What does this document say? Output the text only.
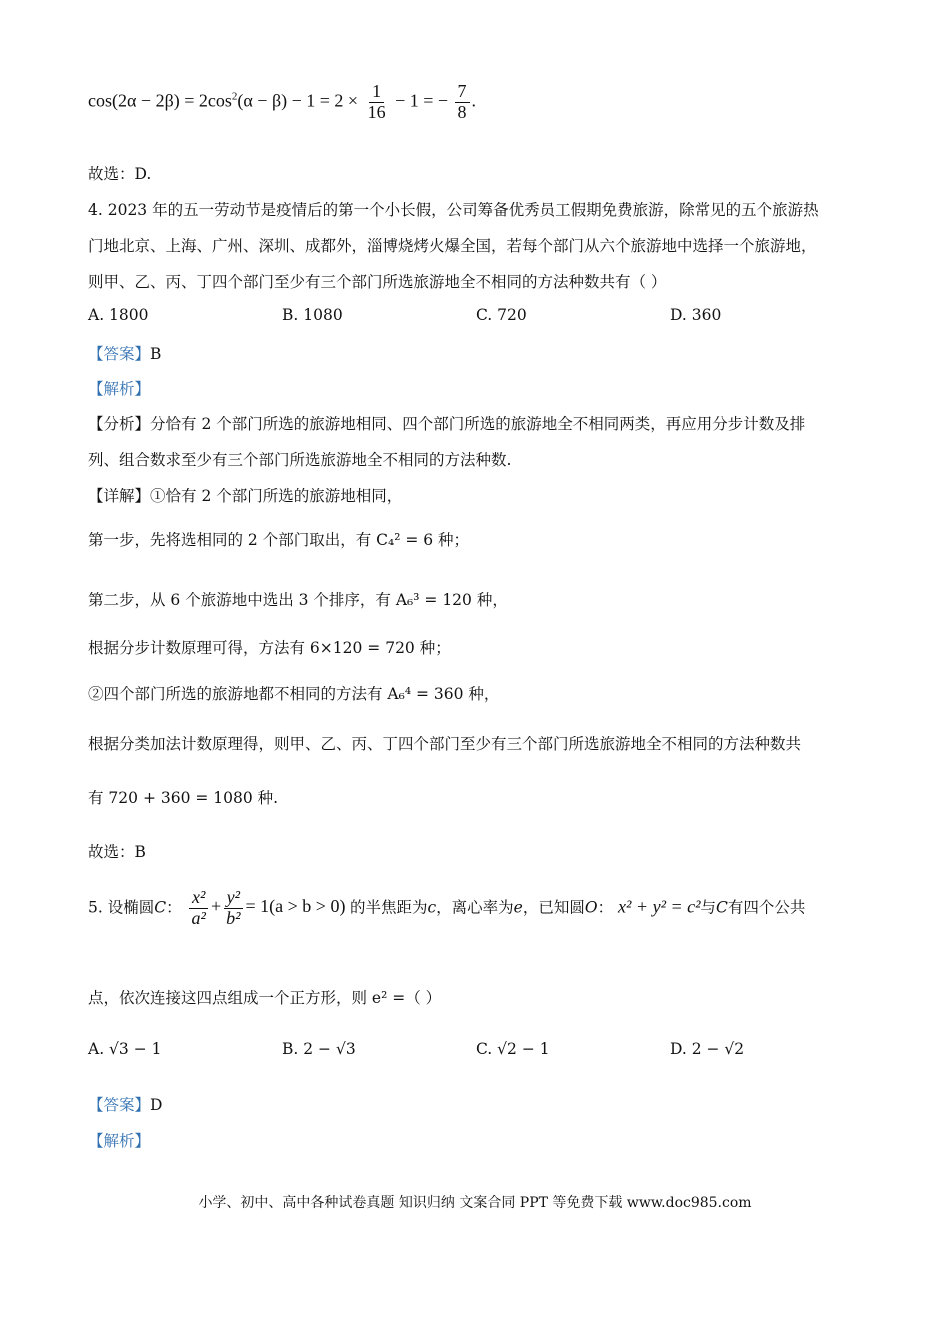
$\cos(2\alpha - 2\beta) = 2\cos^2(\alpha - \beta) - 1 = 2 \times \frac{1}{16} - 1$ = − $\frac{7}{8}$ .
故选：D.
4. 2023 年的五一劳动节是疫情后的第一个小长假，公司筹备优秀员工假期免费旅游，除常见的五个旅游热
门地北京、上海、广州、深圳、成都外，淄博烧烤火爆全国，若每个部门从六个旅游地中选择一个旅游地，
则甲、乙、丙、丁四个部门至少有三个部门所选旅游地全不相同的方法种数共有（ ）
A. 1800	B. 1080	C. 720	D. 360
【答案】B
【解析】
【分析】分恰有 2 个部门所选的旅游地相同、四个部门所选的旅游地全不相同两类，再应用分步计数及排
列、组合数求至少有三个部门所选旅游地全不相同的方法种数.
【详解】①恰有 2 个部门所选的旅游地相同，
第一步，先将选相同的 2 个部门取出，有 C₄² = 6 种；
第二步，从 6 个旅游地中选出 3 个排序，有 A₆³ = 120 种，
根据分步计数原理可得，方法有 6×120 = 720 种；
②四个部门所选的旅游地都不相同的方法有 A₆⁴ = 360 种，
根据分类加法计数原理得，则甲、乙、丙、丁四个部门至少有三个部门所选旅游地全不相同的方法种数共
有 720 + 360 = 1080 种.
故选：B
5. 设椭圆C： $\frac{\text{x²}}{\text{a²}} + \frac{\text{y²}}{\text{b²}} = 1(a > b > 0)$ 的半焦距为c，离心率为e，已知圆O： x² + y² = c²与C有四个公共
点，依次连接这四点组成一个正方形，则 e² =（ ）
A. √3 − 1	B. 2 − √3	C. √2 − 1	D. 2 − √2
【答案】D
【解析】
小学、初中、高中各种试卷真题 知识归纳 文案合同 PPT 等免费下载 www.doc985.com
